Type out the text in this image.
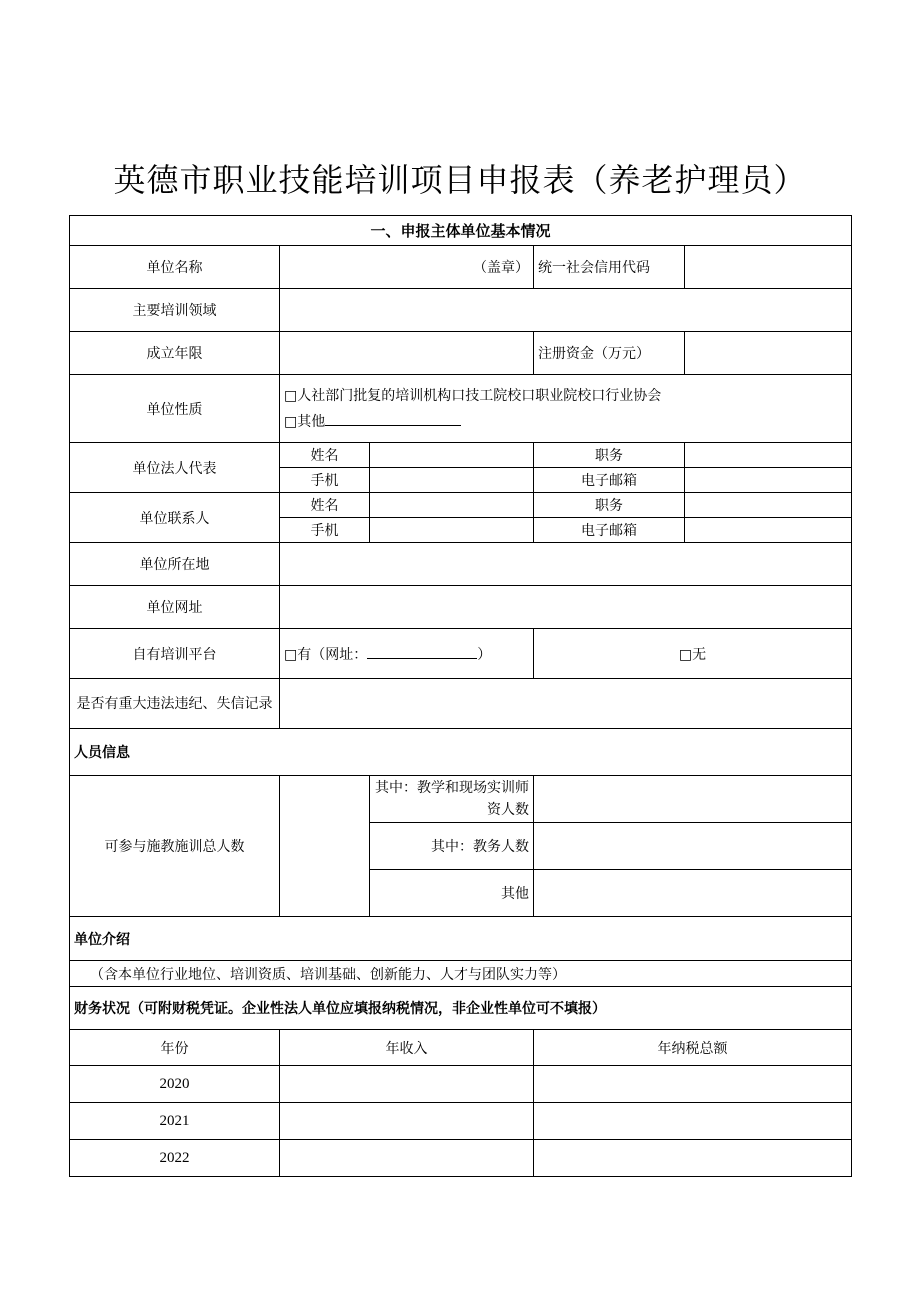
英德市职业技能培训项目申报表（养老护理员）
一、申报主体单位基本情况				
单位名称	（盖章）		统一社会信用代码	
主要培训领域				
成立年限			注册资金（万元）	
单位性质	□人社部门批复的培训机构口技工院校口职业院校口行业协会
□其他			

单位法人代表	姓名		职务	
	手机		电子邮箱	
单位联系人	姓名		职务	
	手机		电子邮箱	
单位所在地				
单位网址				
自有培训平台	□有（网址： ）		□无	
是否有重大违法违纪、失信记录				
人员信息				
可参与施教施训总人数		其中：教学和现场实训师资人数		
		其中：教务人数		
		其他		
单位介绍				
（含本单位行业地位、培训资质、培训基础、创新能力、人才与团队实力等）				
财务状况（可附财税凭证。企业性法人单位应填报纳税情况，非企业性单位可不填报）				
年份	年收入		年纳税总额	
2020				
2021				
2022				
